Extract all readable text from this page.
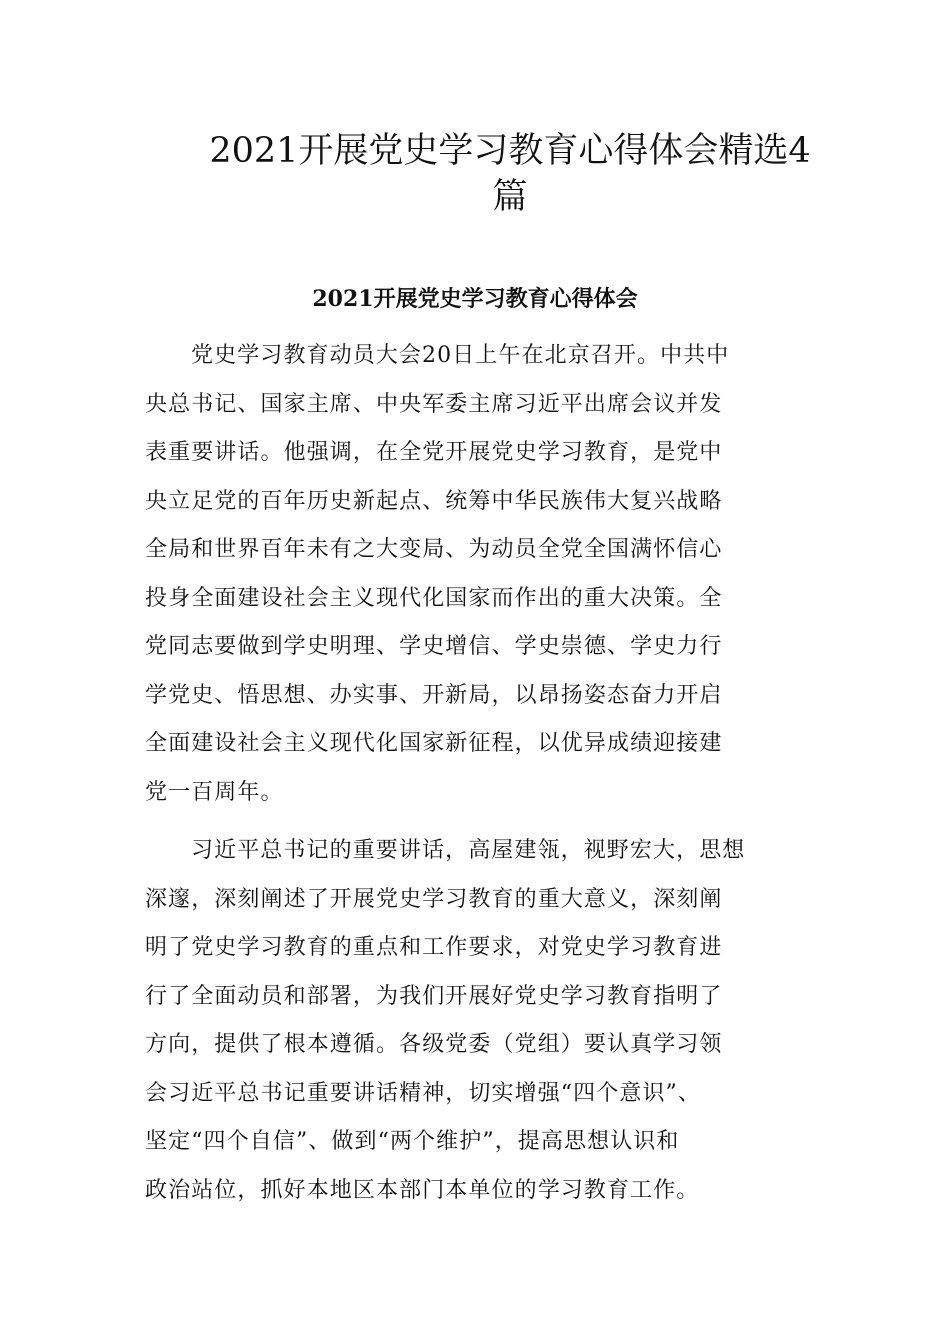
2021开展党史学习教育心得体会精选4
篇
2021开展党史学习教育心得体会
党史学习教育动员大会20日上午在北京召开。中共中
央总书记、国家主席、中央军委主席习近平出席会议并发
表重要讲话。他强调，在全党开展党史学习教育，是党中
央立足党的百年历史新起点、统筹中华民族伟大复兴战略
全局和世界百年未有之大变局、为动员全党全国满怀信心
投身全面建设社会主义现代化国家而作出的重大决策。全
党同志要做到学史明理、学史增信、学史崇德、学史力行
学党史、悟思想、办实事、开新局，以昂扬姿态奋力开启
全面建设社会主义现代化国家新征程，以优异成绩迎接建
党一百周年。
习近平总书记的重要讲话，高屋建瓴，视野宏大，思想
深邃，深刻阐述了开展党史学习教育的重大意义，深刻阐
明了党史学习教育的重点和工作要求，对党史学习教育进
行了全面动员和部署，为我们开展好党史学习教育指明了
方向，提供了根本遵循。各级党委（党组）要认真学习领
会习近平总书记重要讲话精神，切实增强“四个意识”、
坚定“四个自信”、做到“两个维护”，提高思想认识和
政治站位，抓好本地区本部门本单位的学习教育工作。
